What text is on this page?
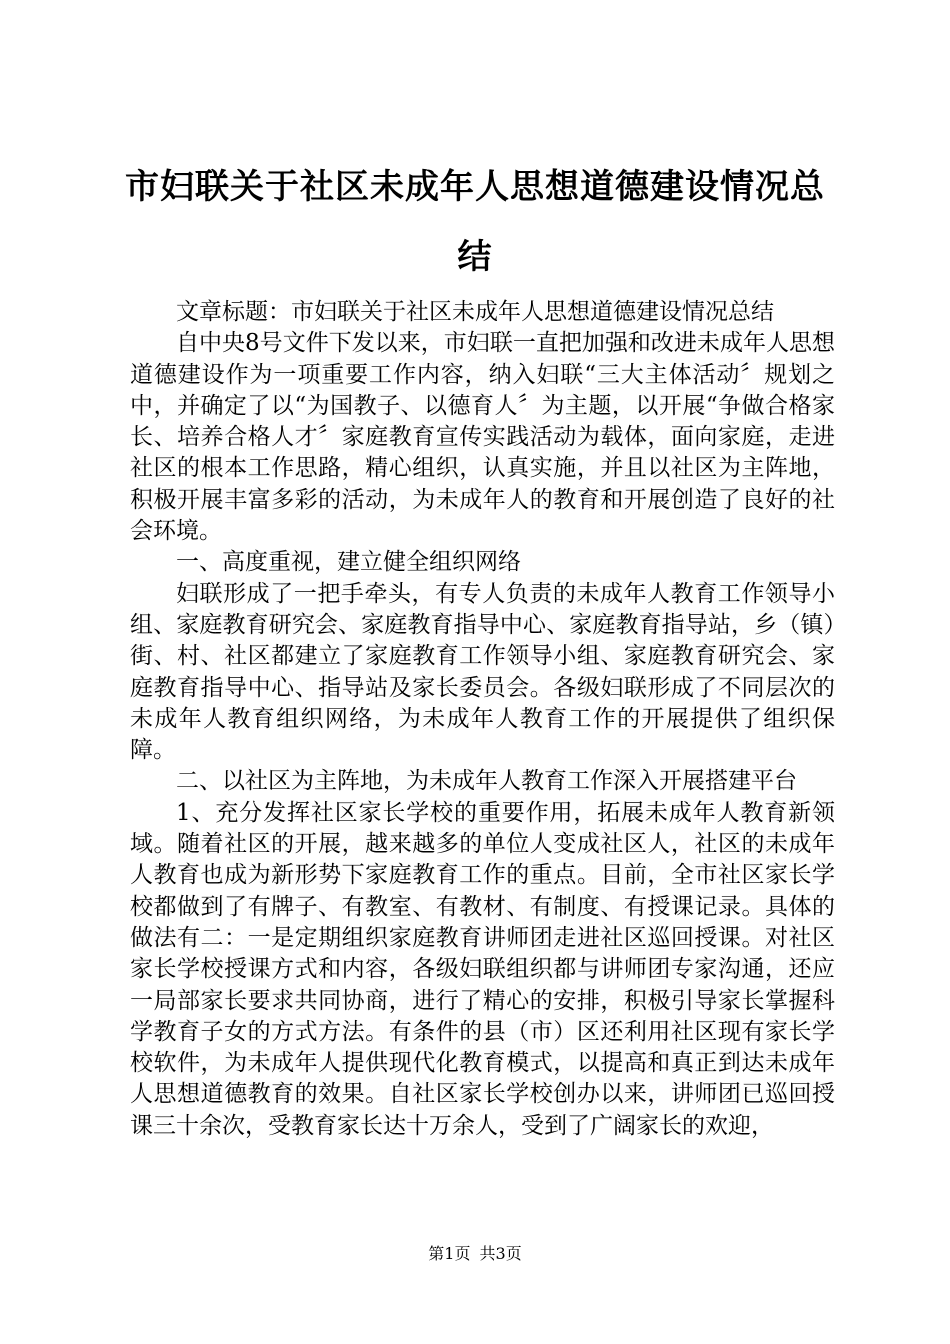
市妇联关于社区未成年人思想道德建设情况总
结

文章标题：市妇联关于社区未成年人思想道德建设情况总结

自中央8号文件下发以来，市妇联一直把加强和改进未成年人思想道德建设作为一项重要工作内容，纳入妇联“三大主体活动〞规划之中，并确定了以“为国教子、以德育人〞为主题，以开展“争做合格家长、培养合格人才〞家庭教育宣传实践活动为载体，面向家庭，走进社区的根本工作思路，精心组织，认真实施，并且以社区为主阵地，积极开展丰富多彩的活动，为未成年人的教育和开展创造了良好的社会环境。

一、高度重视，建立健全组织网络

妇联形成了一把手牵头，有专人负责的未成年人教育工作领导小组、家庭教育研究会、家庭教育指导中心、家庭教育指导站，乡（镇）街、村、社区都建立了家庭教育工作领导小组、家庭教育研究会、家庭教育指导中心、指导站及家长委员会。各级妇联形成了不同层次的未成年人教育组织网络，为未成年人教育工作的开展提供了组织保障。

二、以社区为主阵地，为未成年人教育工作深入开展搭建平台

1、充分发挥社区家长学校的重要作用，拓展未成年人教育新领域。随着社区的开展，越来越多的单位人变成社区人，社区的未成年人教育也成为新形势下家庭教育工作的重点。目前，全市社区家长学校都做到了有牌子、有教室、有教材、有制度、有授课记录。具体的做法有二：一是定期组织家庭教育讲师团走进社区巡回授课。对社区家长学校授课方式和内容，各级妇联组织都与讲师团专家沟通，还应一局部家长要求共同协商，进行了精心的安排，积极引导家长掌握科学教育子女的方式方法。有条件的县（市）区还利用社区现有家长学校软件，为未成年人提供现代化教育模式，以提高和真正到达未成年人思想道德教育的效果。自社区家长学校创办以来，讲师团已巡回授课三十余次，受教育家长达十万余人，受到了广阔家长的欢迎，

第1页 共3页
